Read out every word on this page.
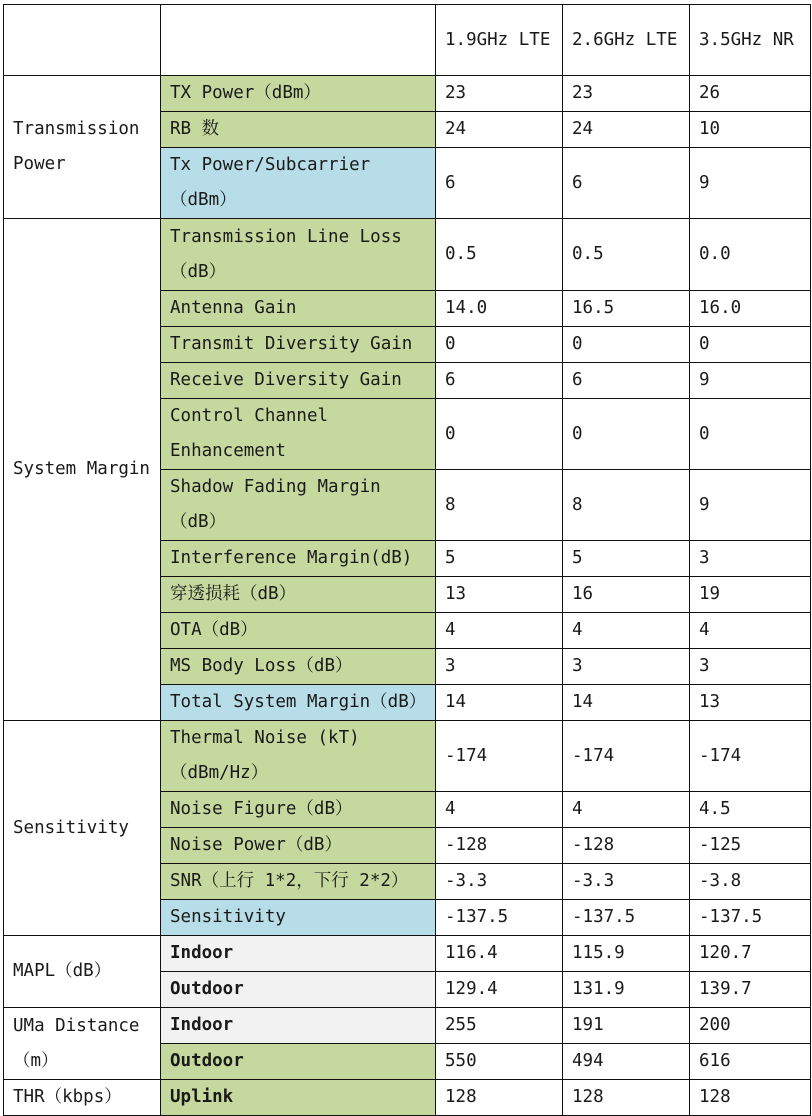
		1.9GHz LTE	2.6GHz LTE	3.5GHz NR
Transmission Power	TX Power（dBm）	23	23	26
	RB 数	24	24	10
	Tx Power/Subcarrier （dBm）	6	6	9
System Margin	Transmission Line Loss （dB）	0.5	0.5	0.0
	Antenna Gain	14.0	16.5	16.0
	Transmit Diversity Gain	0	0	0
	Receive Diversity Gain	6	6	9
	Control Channel Enhancement	0	0	0
	Shadow Fading Margin （dB）	8	8	9
	Interference Margin(dB)	5	5	3
	穿透损耗（dB）	13	16	19
	OTA（dB）	4	4	4
	MS Body Loss（dB）	3	3	3
	Total System Margin（dB）	14	14	13
Sensitivity	Thermal Noise (kT) （dBm/Hz）	-174	-174	-174
	Noise Figure（dB）	4	4	4.5
	Noise Power（dB）	-128	-128	-125
	SNR（上行 1*2，下行 2*2）	-3.3	-3.3	-3.8
	Sensitivity	-137.5	-137.5	-137.5
MAPL（dB）	Indoor	116.4	115.9	120.7
	Outdoor	129.4	131.9	139.7
UMa Distance （m）	Indoor	255	191	200
	Outdoor	550	494	616
THR（kbps）	Uplink	128	128	128
